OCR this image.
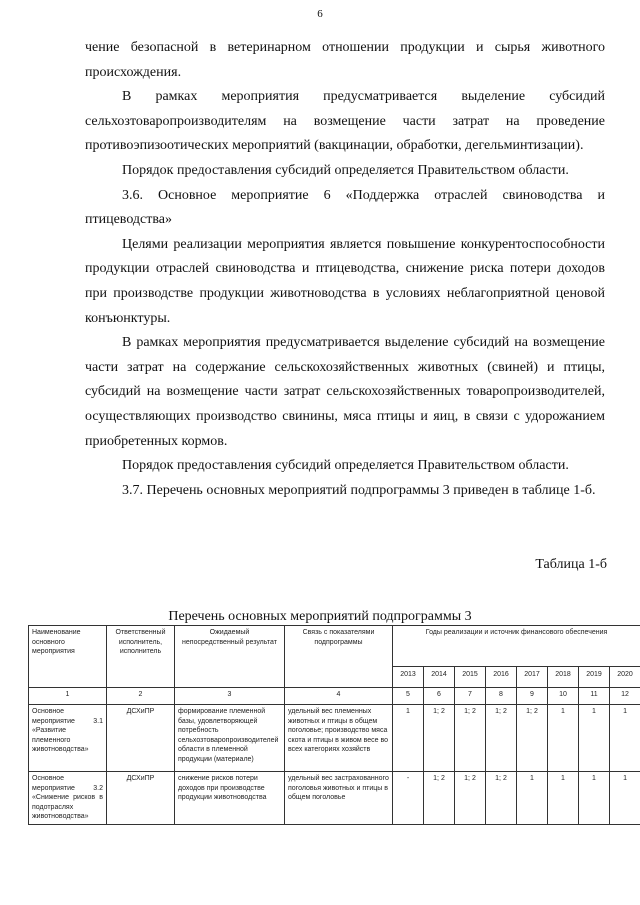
6

чение безопасной в ветеринарном отношении продукции и сырья животного происхождения.

В рамках мероприятия предусматривается выделение субсидий сельхозтоваропроизводителям на возмещение части затрат на проведение противоэпизоотических мероприятий (вакцинации, обработки, дегельминтизации).

Порядок предоставления субсидий определяется Правительством области.

3.6. Основное мероприятие 6 «Поддержка отраслей свиноводства и птицеводства»

Целями реализации мероприятия является повышение конкурентоспособности продукции отраслей свиноводства и птицеводства, снижение риска потери доходов при производстве продукции животноводства в условиях неблагоприятной ценовой конъюнктуры.

В рамках мероприятия предусматривается выделение субсидий на возмещение части затрат на содержание сельскохозяйственных животных (свиней) и птицы, субсидий на возмещение части затрат сельскохозяйственных товаропроизводителей, осуществляющих производство свинины, мяса птицы и яиц, в связи с удорожанием приобретенных кормов.

Порядок предоставления субсидий определяется Правительством области.

3.7. Перечень основных мероприятий подпрограммы 3 приведен в таблице 1-б.

Таблица 1-б
Перечень основных мероприятий подпрограммы 3
Наименование основного мероприятия	Ответственный исполнитель, исполнитель	Ожидаемый непосредственный результат	Связь с показателями подпрограммы	Годы реализации и источник финансового обеспечения							
				2013	2014	2015	2016	2017	2018	2019	2020
1	2	3	4	5	6	7	8	9	10	11	12
Основное мероприятие 3.1 «Развитие племенного животноводства»	ДСХиПР	формирование племенной базы, удовлетворяющей потребность сельхозтоваропроизводителей области в племенной продукции (материале)	удельный вес племенных животных и птицы в общем поголовье; производство мяса скота и птицы в живом весе во всех категориях хозяйств	1	1; 2	1; 2	1; 2	1; 2	1	1	1
Основное мероприятие 3.2 «Снижение рисков в подотраслях животноводства»	ДСХиПР	снижение рисков потери доходов при производстве продукции животноводства	удельный вес застрахованного поголовья животных и птицы в общем поголовье	-	1; 2	1; 2	1; 2	1	1	1	1
